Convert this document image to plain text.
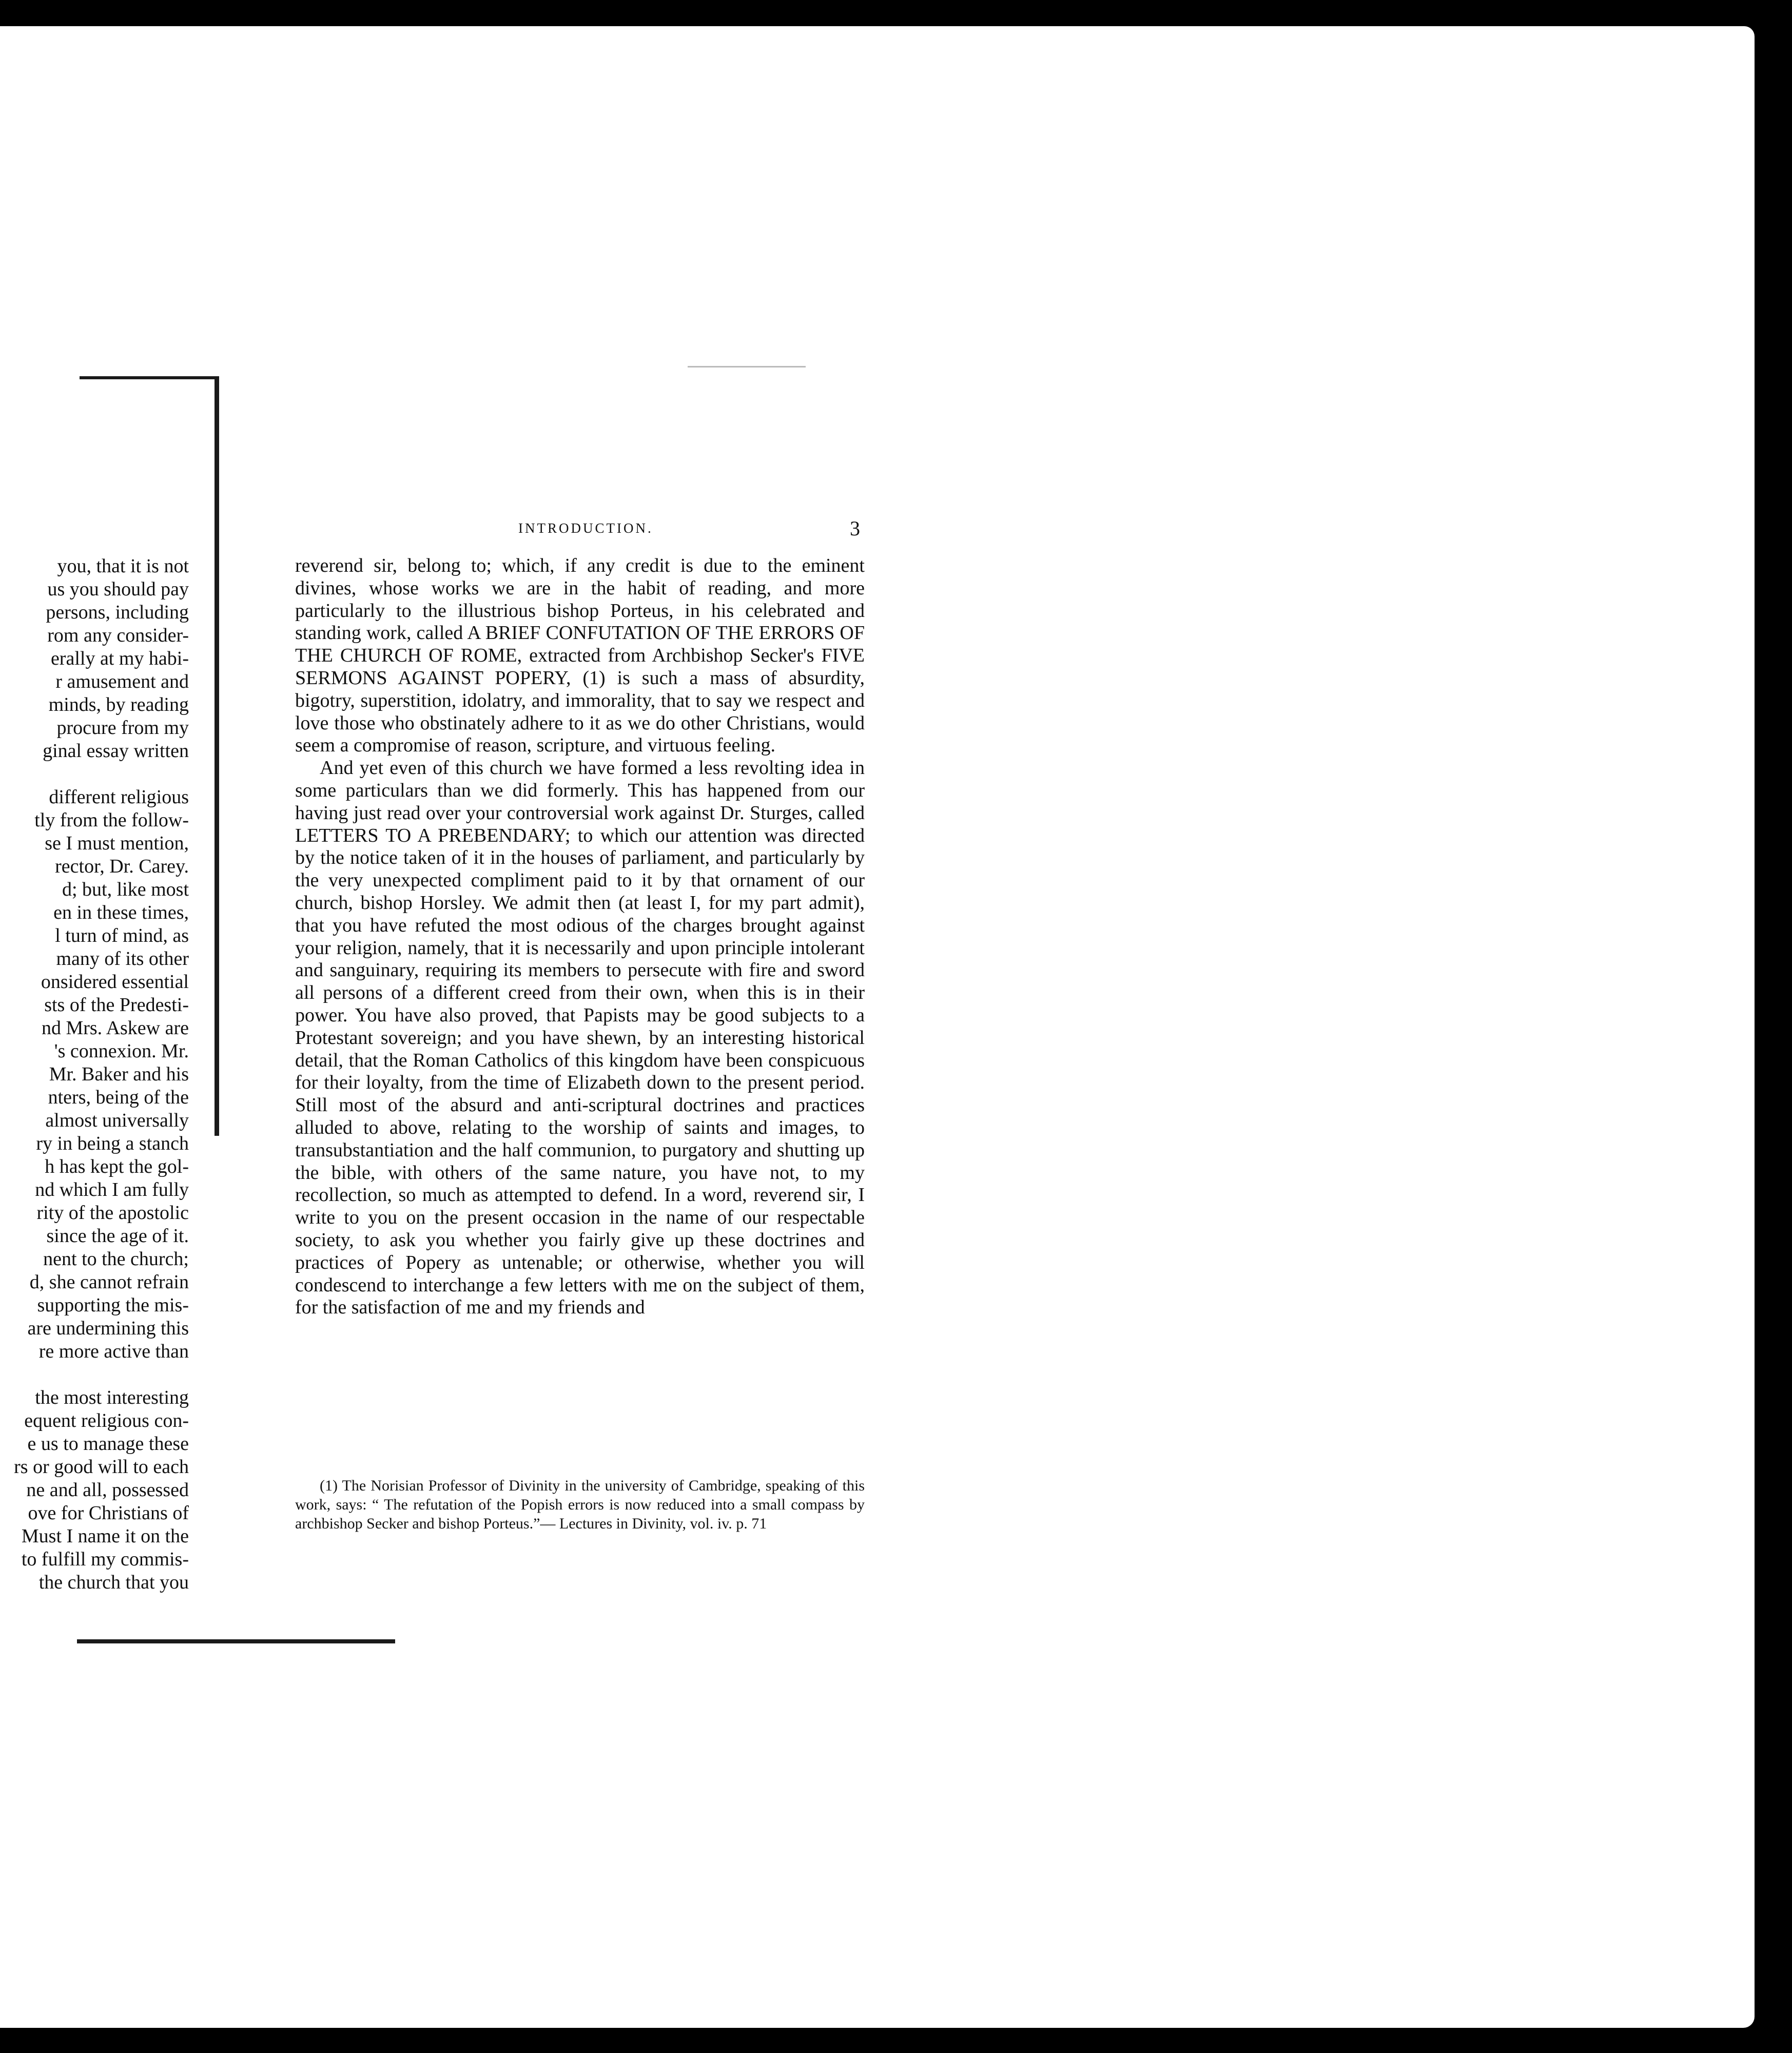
you, that it is not
us you should pay
persons, including
rom any consider-
erally at my habi-
r amusement and
minds, by reading
procure from my
ginal essay written
different religious
tly from the follow-
se I must mention,
rector, Dr. Carey.
d; but, like most
en in these times,
l turn of mind, as
many of its other
onsidered essential
sts of the Predesti-
nd Mrs. Askew are
's connexion. Mr.
Mr. Baker and his
nters, being of the
almost universally
ry in being a stanch
h has kept the gol-
nd which I am fully
rity of the apostolic
since the age of it.
nent to the church;
d, she cannot refrain
supporting the mis-
are undermining this
re more active than
the most interesting
equent religious con-
e us to manage these
rs or good will to each
ne and all, possessed
ove for Christians of
Must I name it on the
to fulfill my commis-
the church that you
INTRODUCTION.	3

reverend sir, belong to; which, if any credit is due to the eminent divines, whose works we are in the habit of reading, and more particularly to the illustrious bishop Porteus, in his celebrated and standing work, called A BRIEF CONFUTATION OF THE ERRORS OF THE CHURCH OF ROME, extracted from Archbishop Secker's FIVE SERMONS AGAINST POPERY, (1) is such a mass of absurdity, bigotry, superstition, idolatry, and immorality, that to say we respect and love those who obstinately adhere to it as we do other Christians, would seem a compromise of reason, scripture, and virtuous feeling.

And yet even of this church we have formed a less revolting idea in some particulars than we did formerly. This has happened from our having just read over your controversial work against Dr. Sturges, called LETTERS TO A PREBENDARY; to which our attention was directed by the notice taken of it in the houses of parliament, and particularly by the very unexpected compliment paid to it by that ornament of our church, bishop Horsley. We admit then (at least I, for my part admit), that you have refuted the most odious of the charges brought against your religion, namely, that it is necessarily and upon principle intolerant and sanguinary, requiring its members to persecute with fire and sword all persons of a different creed from their own, when this is in their power. You have also proved, that Papists may be good subjects to a Protestant sovereign; and you have shewn, by an interesting historical detail, that the Roman Catholics of this kingdom have been conspicuous for their loyalty, from the time of Elizabeth down to the present period. Still most of the absurd and anti-scriptural doctrines and practices alluded to above, relating to the worship of saints and images, to transubstantiation and the half communion, to purgatory and shutting up the bible, with others of the same nature, you have not, to my recollection, so much as attempted to defend. In a word, reverend sir, I write to you on the present occasion in the name of our respectable society, to ask you whether you fairly give up these doctrines and practices of Popery as untenable; or otherwise, whether you will condescend to interchange a few letters with me on the subject of them, for the satisfaction of me and my friends and

(1) The Norisian Professor of Divinity in the university of Cambridge, speaking of this work, says: “ The refutation of the Popish errors is now reduced into a small compass by archbishop Secker and bishop Porteus.”— Lectures in Divinity, vol. iv. p. 71
